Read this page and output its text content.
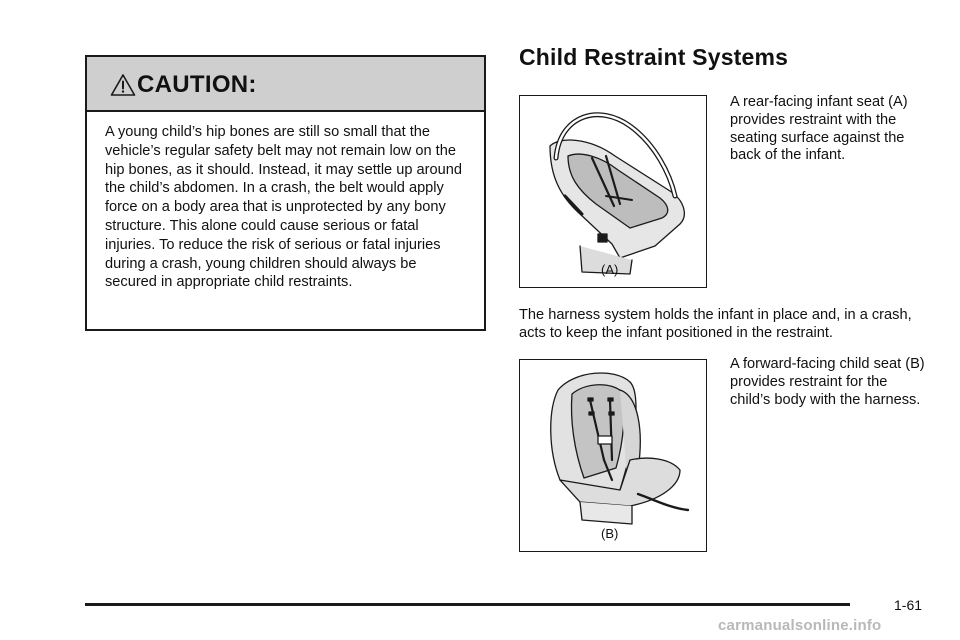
CAUTION:

A young child’s hip bones are still so small that the vehicle’s regular safety belt may not remain low on the hip bones, as it should. Instead, it may settle up around the child’s abdomen. In a crash, the belt would apply force on a body area that is unprotected by any bony structure. This alone could cause serious or fatal injuries. To reduce the risk of serious or fatal injuries during a crash, young children should always be secured in appropriate child restraints.

Child Restraint Systems
(A)

A rear-facing infant seat (A) provides restraint with the seating surface against the back of the infant.

The harness system holds the infant in place and, in a crash, acts to keep the infant positioned in the restraint.

(B)

A forward-facing child seat (B) provides restraint for the child’s body with the harness.

1-61
carmanualsonline.info
